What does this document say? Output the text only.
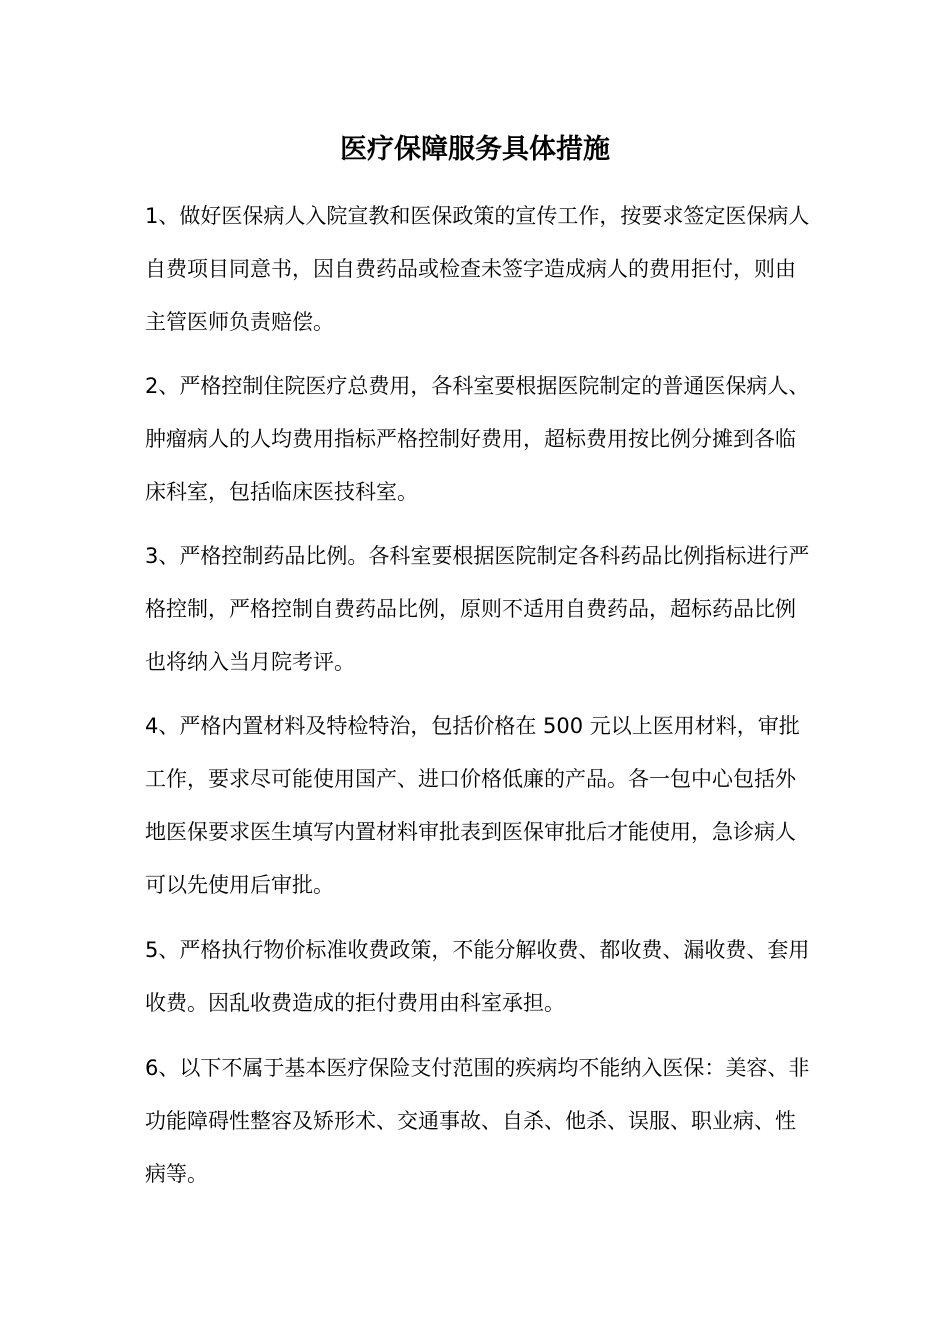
医疗保障服务具体措施

1、做好医保病人入院宣教和医保政策的宣传工作，按要求签定医保病人自费项目同意书，因自费药品或检查未签字造成病人的费用拒付，则由主管医师负责赔偿。

2、严格控制住院医疗总费用，各科室要根据医院制定的普通医保病人、肿瘤病人的人均费用指标严格控制好费用，超标费用按比例分摊到各临床科室，包括临床医技科室。

3、严格控制药品比例。各科室要根据医院制定各科药品比例指标进行严格控制，严格控制自费药品比例，原则不适用自费药品，超标药品比例也将纳入当月院考评。

4、严格内置材料及特检特治，包括价格在 500 元以上医用材料，审批工作，要求尽可能使用国产、进口价格低廉的产品。各一包中心包括外地医保要求医生填写内置材料审批表到医保审批后才能使用，急诊病人可以先使用后审批。

5、严格执行物价标准收费政策，不能分解收费、都收费、漏收费、套用收费。因乱收费造成的拒付费用由科室承担。

6、以下不属于基本医疗保险支付范围的疾病均不能纳入医保：美容、非功能障碍性整容及矫形术、交通事故、自杀、他杀、误服、职业病、性病等。
